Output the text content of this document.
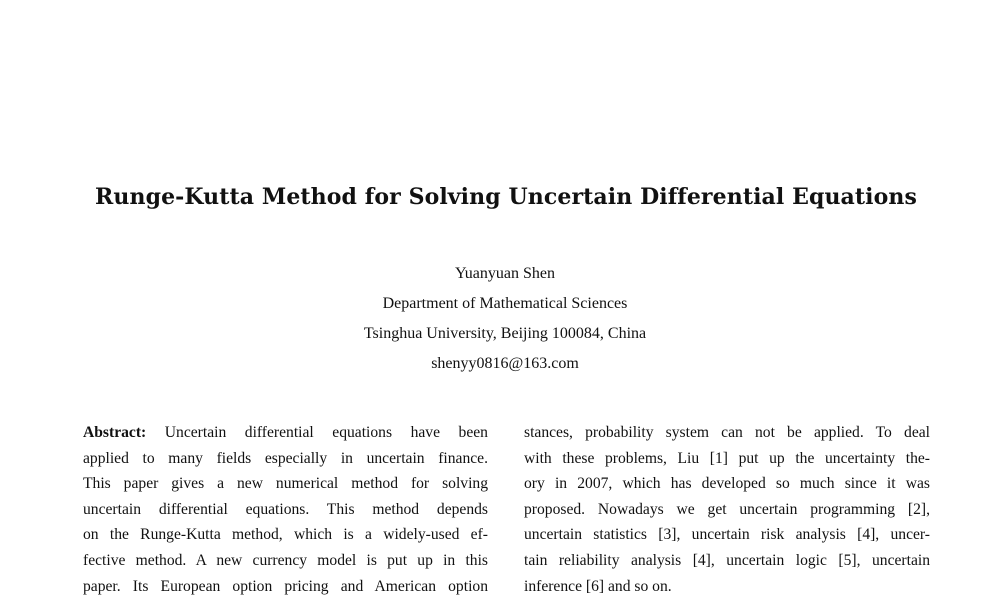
Runge-Kutta Method for Solving Uncertain Differential Equations
Yuanyuan Shen
Department of Mathematical Sciences
Tsinghua University, Beijing 100084, China
shenyy0816@163.com
Abstract: Uncertain differential equations have been
applied to many fields especially in uncertain finance.
This paper gives a new numerical method for solving
uncertain differential equations. This method depends
on the Runge-Kutta method, which is a widely-used ef-
fective method. A new currency model is put up in this
paper. Its European option pricing and American option
stances, probability system can not be applied. To deal
with these problems, Liu [1] put up the uncertainty the-
ory in 2007, which has developed so much since it was
proposed. Nowadays we get uncertain programming [2],
uncertain statistics [3], uncertain risk analysis [4], uncer-
tain reliability analysis [4], uncertain logic [5], uncertain
inference [6] and so on.
